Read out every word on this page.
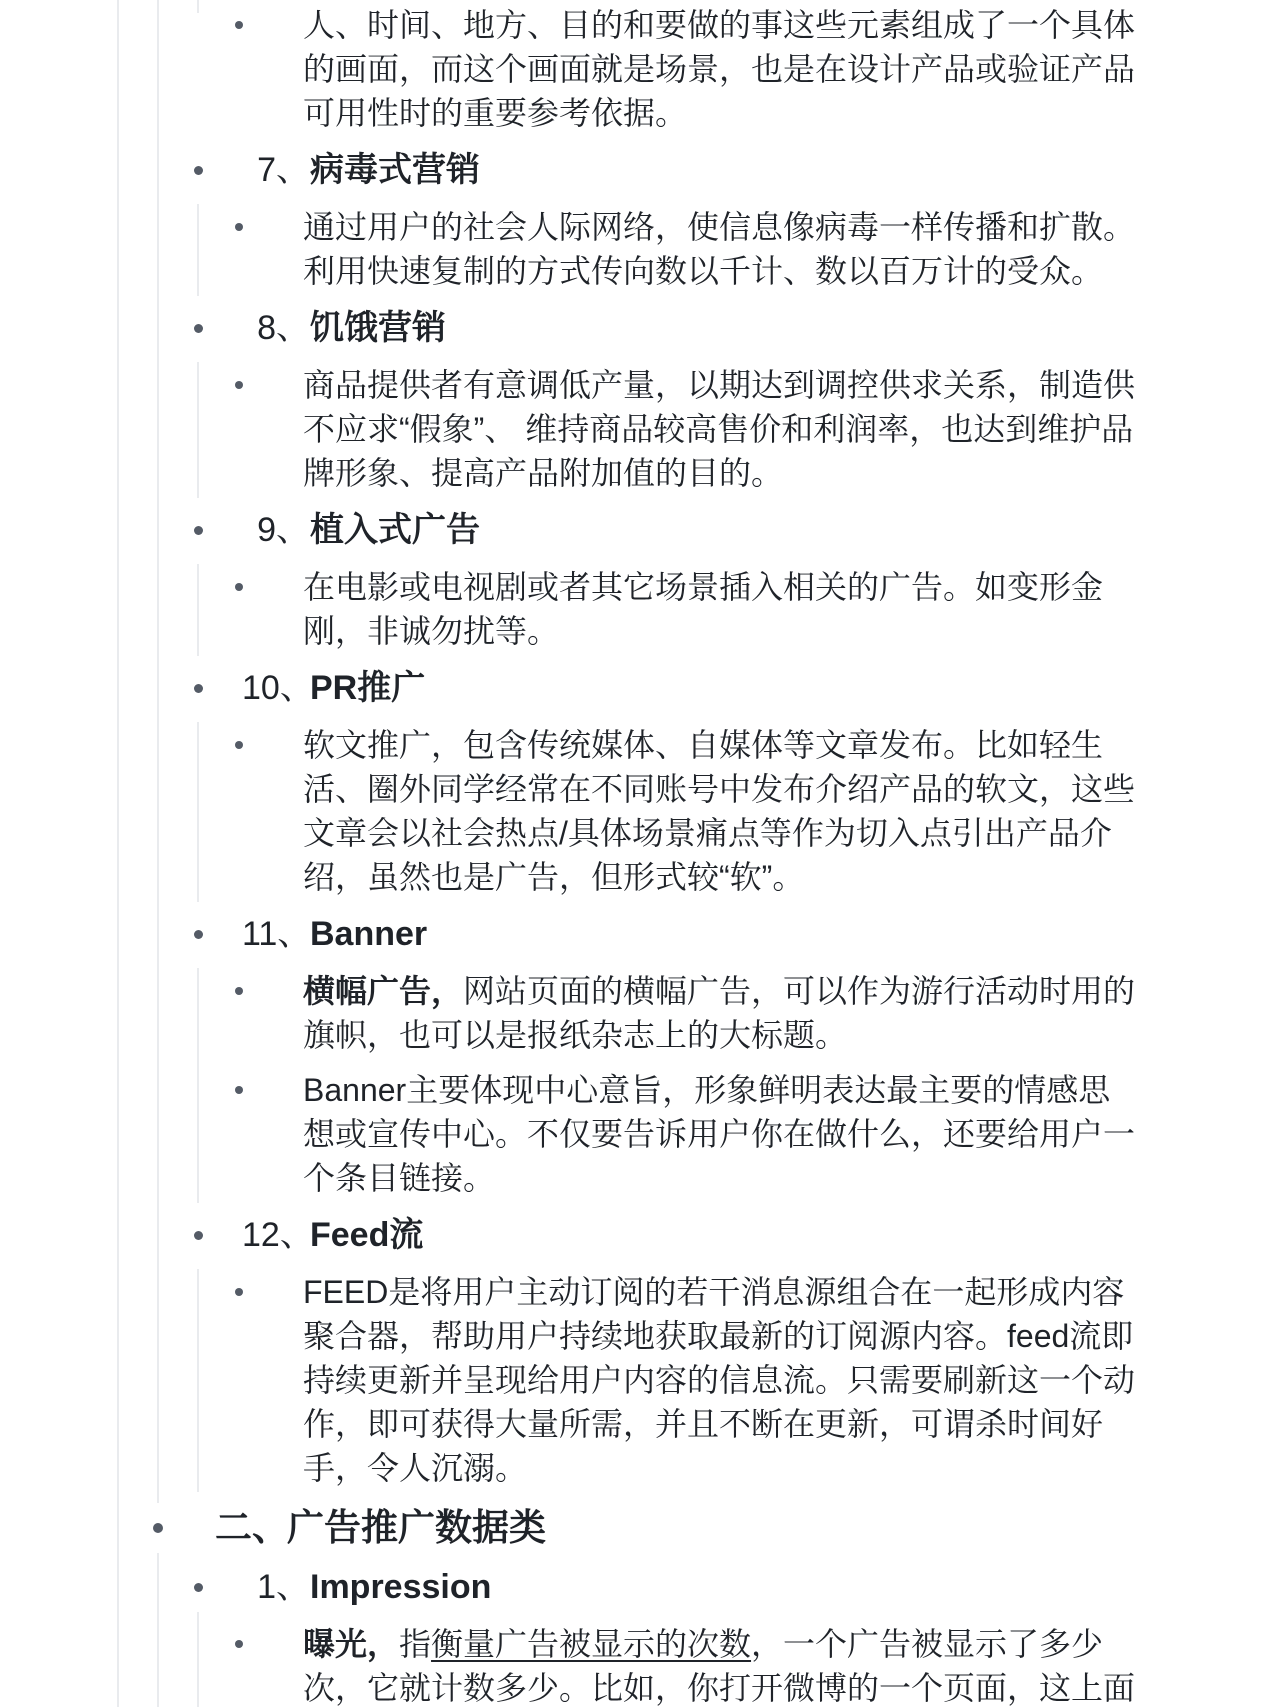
人、时间、地方、目的和要做的事这些元素组成了一个具体的画面，而这个画面就是场景，也是在设计产品或验证产品可用性时的重要参考依据。
7、 病毒式营销
通过用户的社会人际网络，使信息像病毒一样传播和扩散。利用快速复制的方式传向数以千计、数以百万计的受众。
8、 饥饿营销
商品提供者有意调低产量，以期达到调控供求关系，制造供不应求“假象”、 维持商品较高售价和利润率，也达到维护品牌形象、提高产品附加值的目的。
9、 植入式广告
在电影或电视剧或者其它场景插入相关的广告。如变形金刚，非诚勿扰等。
10、
PR推广
软文推广，包含传统媒体、自媒体等文章发布。比如轻生活、圈外同学经常在不同账号中发布介绍产品的软文，这些文章会以社会热点/具体场景痛点等作为切入点引出产品介绍，虽然也是广告，但形式较“软”。
11、
Banner
横幅广告，网站页面的横幅广告，可以作为游行活动时用的旗帜，也可以是报纸杂志上的大标题。
Banner主要体现中心意旨，形象鲜明表达最主要的情感思想或宣传中心。不仅要告诉用户你在做什么，还要给用户一个条目链接。
12、
Feed流
FEED是将用户主动订阅的若干消息源组合在一起形成内容聚合器，帮助用户持续地获取最新的订阅源内容。feed流即持续更新并呈现给用户内容的信息流。只需要刷新这一个动作，即可获得大量所需，并且不断在更新，可谓杀时间好手，令人沉溺。
二、
广告推广数据类
1、 Impression
曝光，指衡量广告被显示的次数，一个广告被显示了多少次，它就计数多少。比如，你打开微博的一个页面，这上面
